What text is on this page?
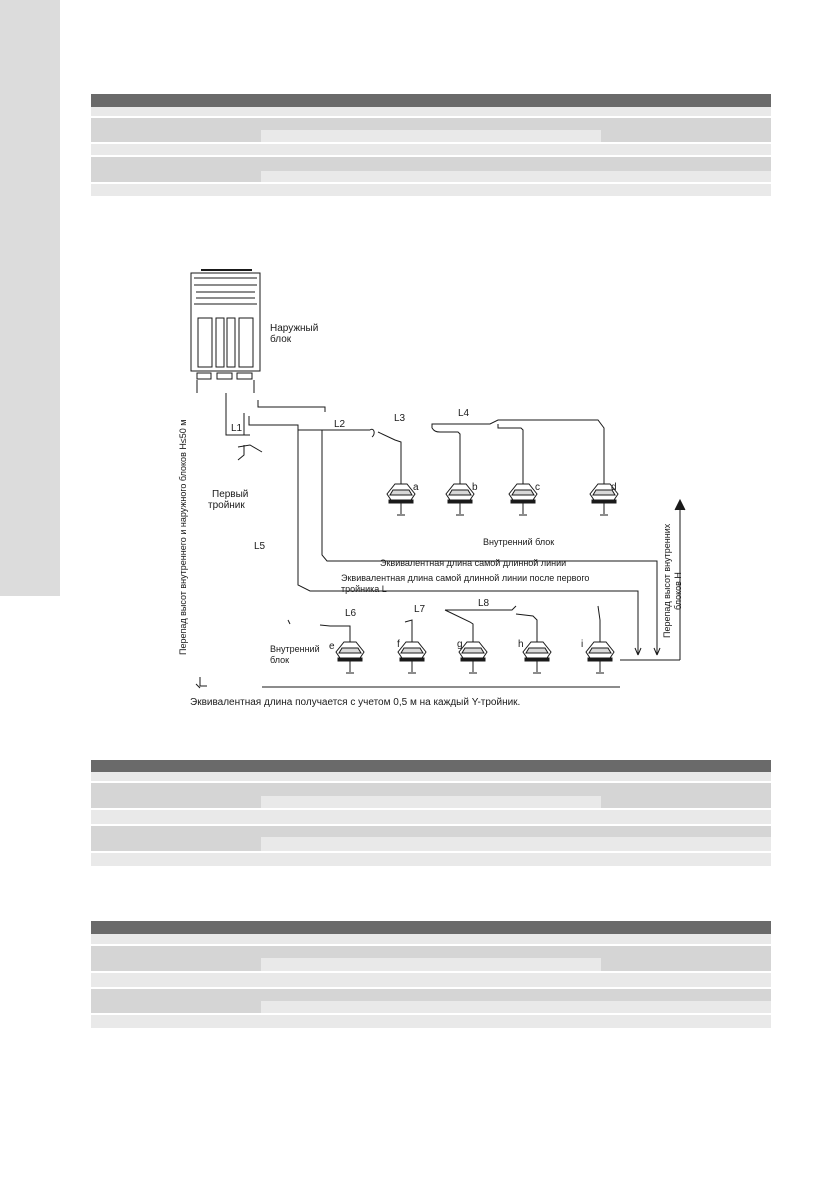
Наружный
блок
Первый
тройник
L1	L2
L3	L4
L5
L6	L7
L8
a	b	c	d
e	f	g	h	i
Внутренний блок
Внутренний
блок
Эквивалентная длина самой длинной линии
Эквивалентная длина самой длинной линии после первого
тройника L
Перепад высот внутреннего и наружного блоков H≤50 м	Перепад высот внутренних блоков H
Эквивалентная длина получается с учетом 0,5 м на каждый Y-тройник.
